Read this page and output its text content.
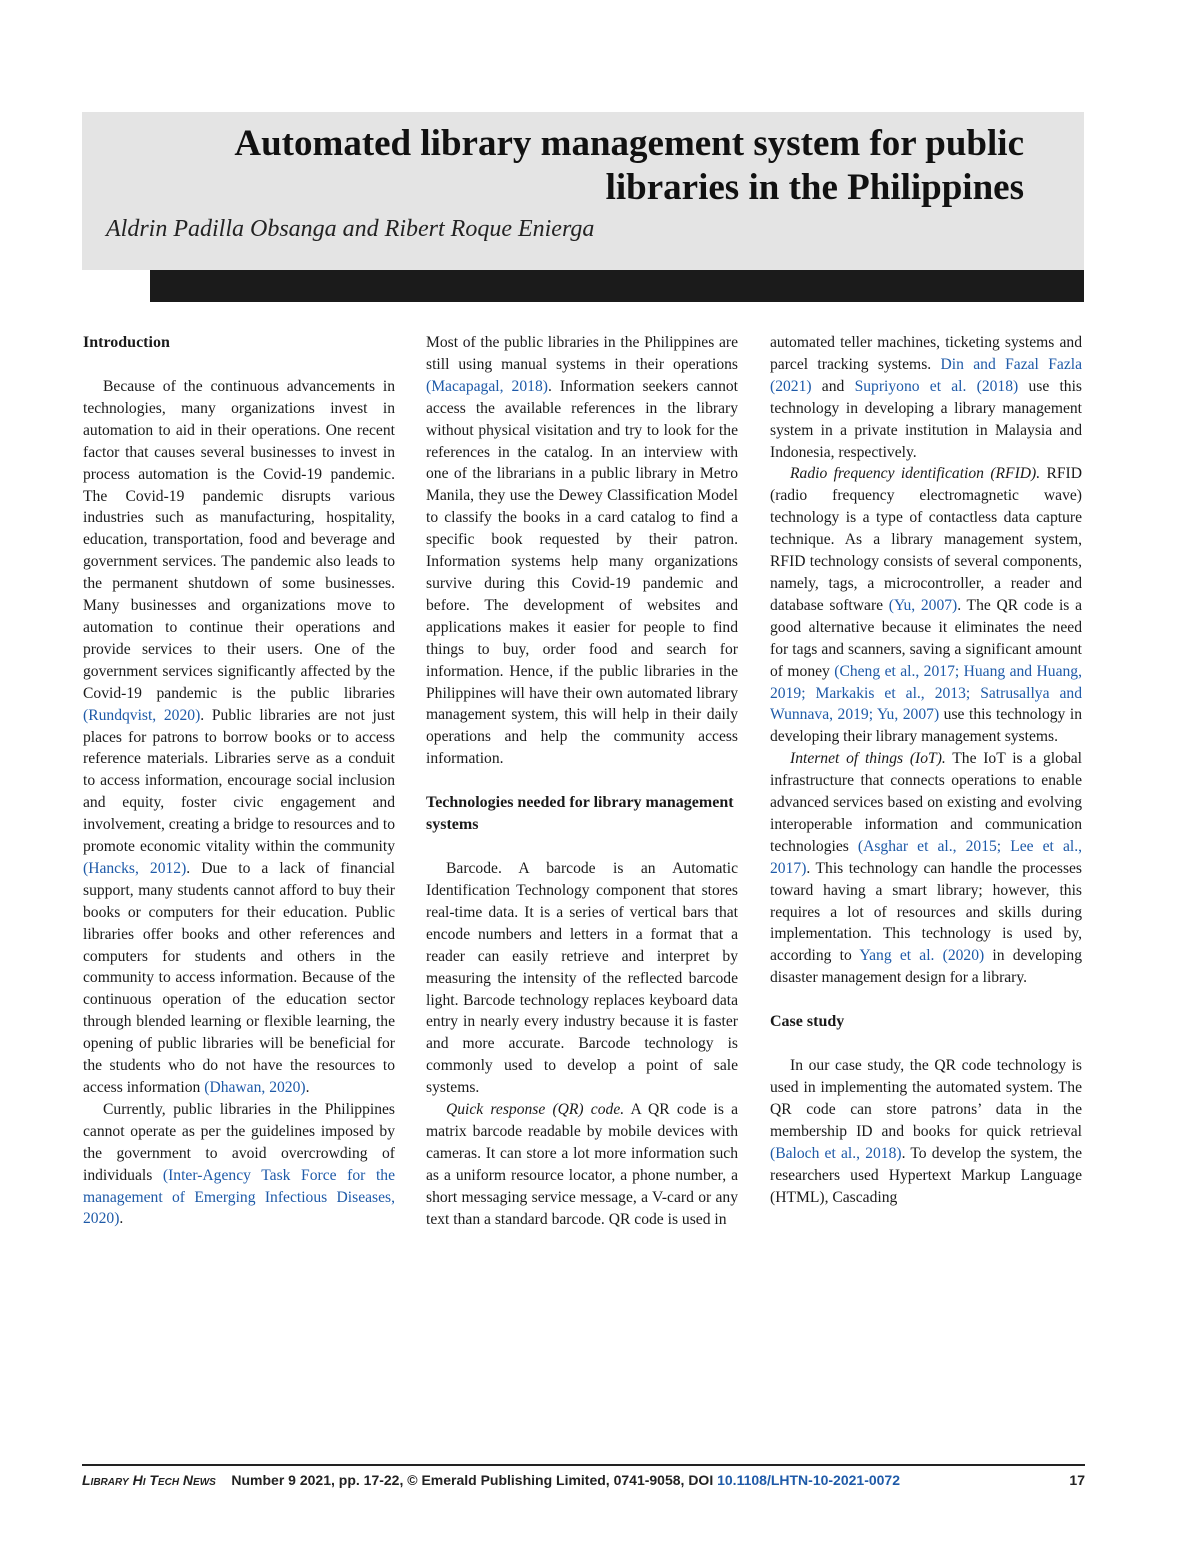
Automated library management system for public libraries in the Philippines
Aldrin Padilla Obsanga and Ribert Roque Enierga
Introduction

Because of the continuous advancements in technologies, many organizations invest in automation to aid in their operations. One recent factor that causes several businesses to invest in process automation is the Covid-19 pandemic. The Covid-19 pandemic disrupts various industries such as manufacturing, hospitality, education, transportation, food and beverage and government services. The pandemic also leads to the permanent shutdown of some businesses. Many businesses and organizations move to automation to continue their operations and provide services to their users. One of the government services significantly affected by the Covid-19 pandemic is the public libraries (Rundqvist, 2020). Public libraries are not just places for patrons to borrow books or to access reference materials. Libraries serve as a conduit to access information, encourage social inclusion and equity, foster civic engagement and involvement, creating a bridge to resources and to promote economic vitality within the community (Hancks, 2012). Due to a lack of financial support, many students cannot afford to buy their books or computers for their education. Public libraries offer books and other references and computers for students and others in the community to access information. Because of the continuous operation of the education sector through blended learning or flexible learning, the opening of public libraries will be beneficial for the students who do not have the resources to access information (Dhawan, 2020).

Currently, public libraries in the Philippines cannot operate as per the guidelines imposed by the government to avoid overcrowding of individuals (Inter-Agency Task Force for the management of Emerging Infectious Diseases, 2020).

Most of the public libraries in the Philippines are still using manual systems in their operations (Macapagal, 2018). Information seekers cannot access the available references in the library without physical visitation and try to look for the references in the catalog. In an interview with one of the librarians in a public library in Metro Manila, they use the Dewey Classification Model to classify the books in a card catalog to find a specific book requested by their patron. Information systems help many organizations survive during this Covid-19 pandemic and before. The development of websites and applications makes it easier for people to find things to buy, order food and search for information. Hence, if the public libraries in the Philippines will have their own automated library management system, this will help in their daily operations and help the community access information.

Technologies needed for library management systems

Barcode. A barcode is an Automatic Identification Technology component that stores real-time data. It is a series of vertical bars that encode numbers and letters in a format that a reader can easily retrieve and interpret by measuring the intensity of the reflected barcode light. Barcode technology replaces keyboard data entry in nearly every industry because it is faster and more accurate. Barcode technology is commonly used to develop a point of sale systems.

Quick response (QR) code. A QR code is a matrix barcode readable by mobile devices with cameras. It can store a lot more information such as a uniform resource locator, a phone number, a short messaging service message, a V-card or any text than a standard barcode. QR code is used in

automated teller machines, ticketing systems and parcel tracking systems. Din and Fazal Fazla (2021) and Supriyono et al. (2018) use this technology in developing a library management system in a private institution in Malaysia and Indonesia, respectively.

Radio frequency identification (RFID). RFID (radio frequency electromagnetic wave) technology is a type of contactless data capture technique. As a library management system, RFID technology consists of several components, namely, tags, a microcontroller, a reader and database software (Yu, 2007). The QR code is a good alternative because it eliminates the need for tags and scanners, saving a significant amount of money (Cheng et al., 2017; Huang and Huang, 2019; Markakis et al., 2013; Satrusallya and Wunnava, 2019; Yu, 2007) use this technology in developing their library management systems.

Internet of things (IoT). The IoT is a global infrastructure that connects operations to enable advanced services based on existing and evolving interoperable information and communication technologies (Asghar et al., 2015; Lee et al., 2017). This technology can handle the processes toward having a smart library; however, this requires a lot of resources and skills during implementation. This technology is used by, according to Yang et al. (2020) in developing disaster management design for a library.

Case study

In our case study, the QR code technology is used in implementing the automated system. The QR code can store patrons’ data in the membership ID and books for quick retrieval (Baloch et al., 2018). To develop the system, the researchers used Hypertext Markup Language (HTML), Cascading

Library Hi Tech News Number 9 2021, pp. 17-22, © Emerald Publishing Limited, 0741-9058, DOI 10.1108/LHTN-10-2021-0072	17
